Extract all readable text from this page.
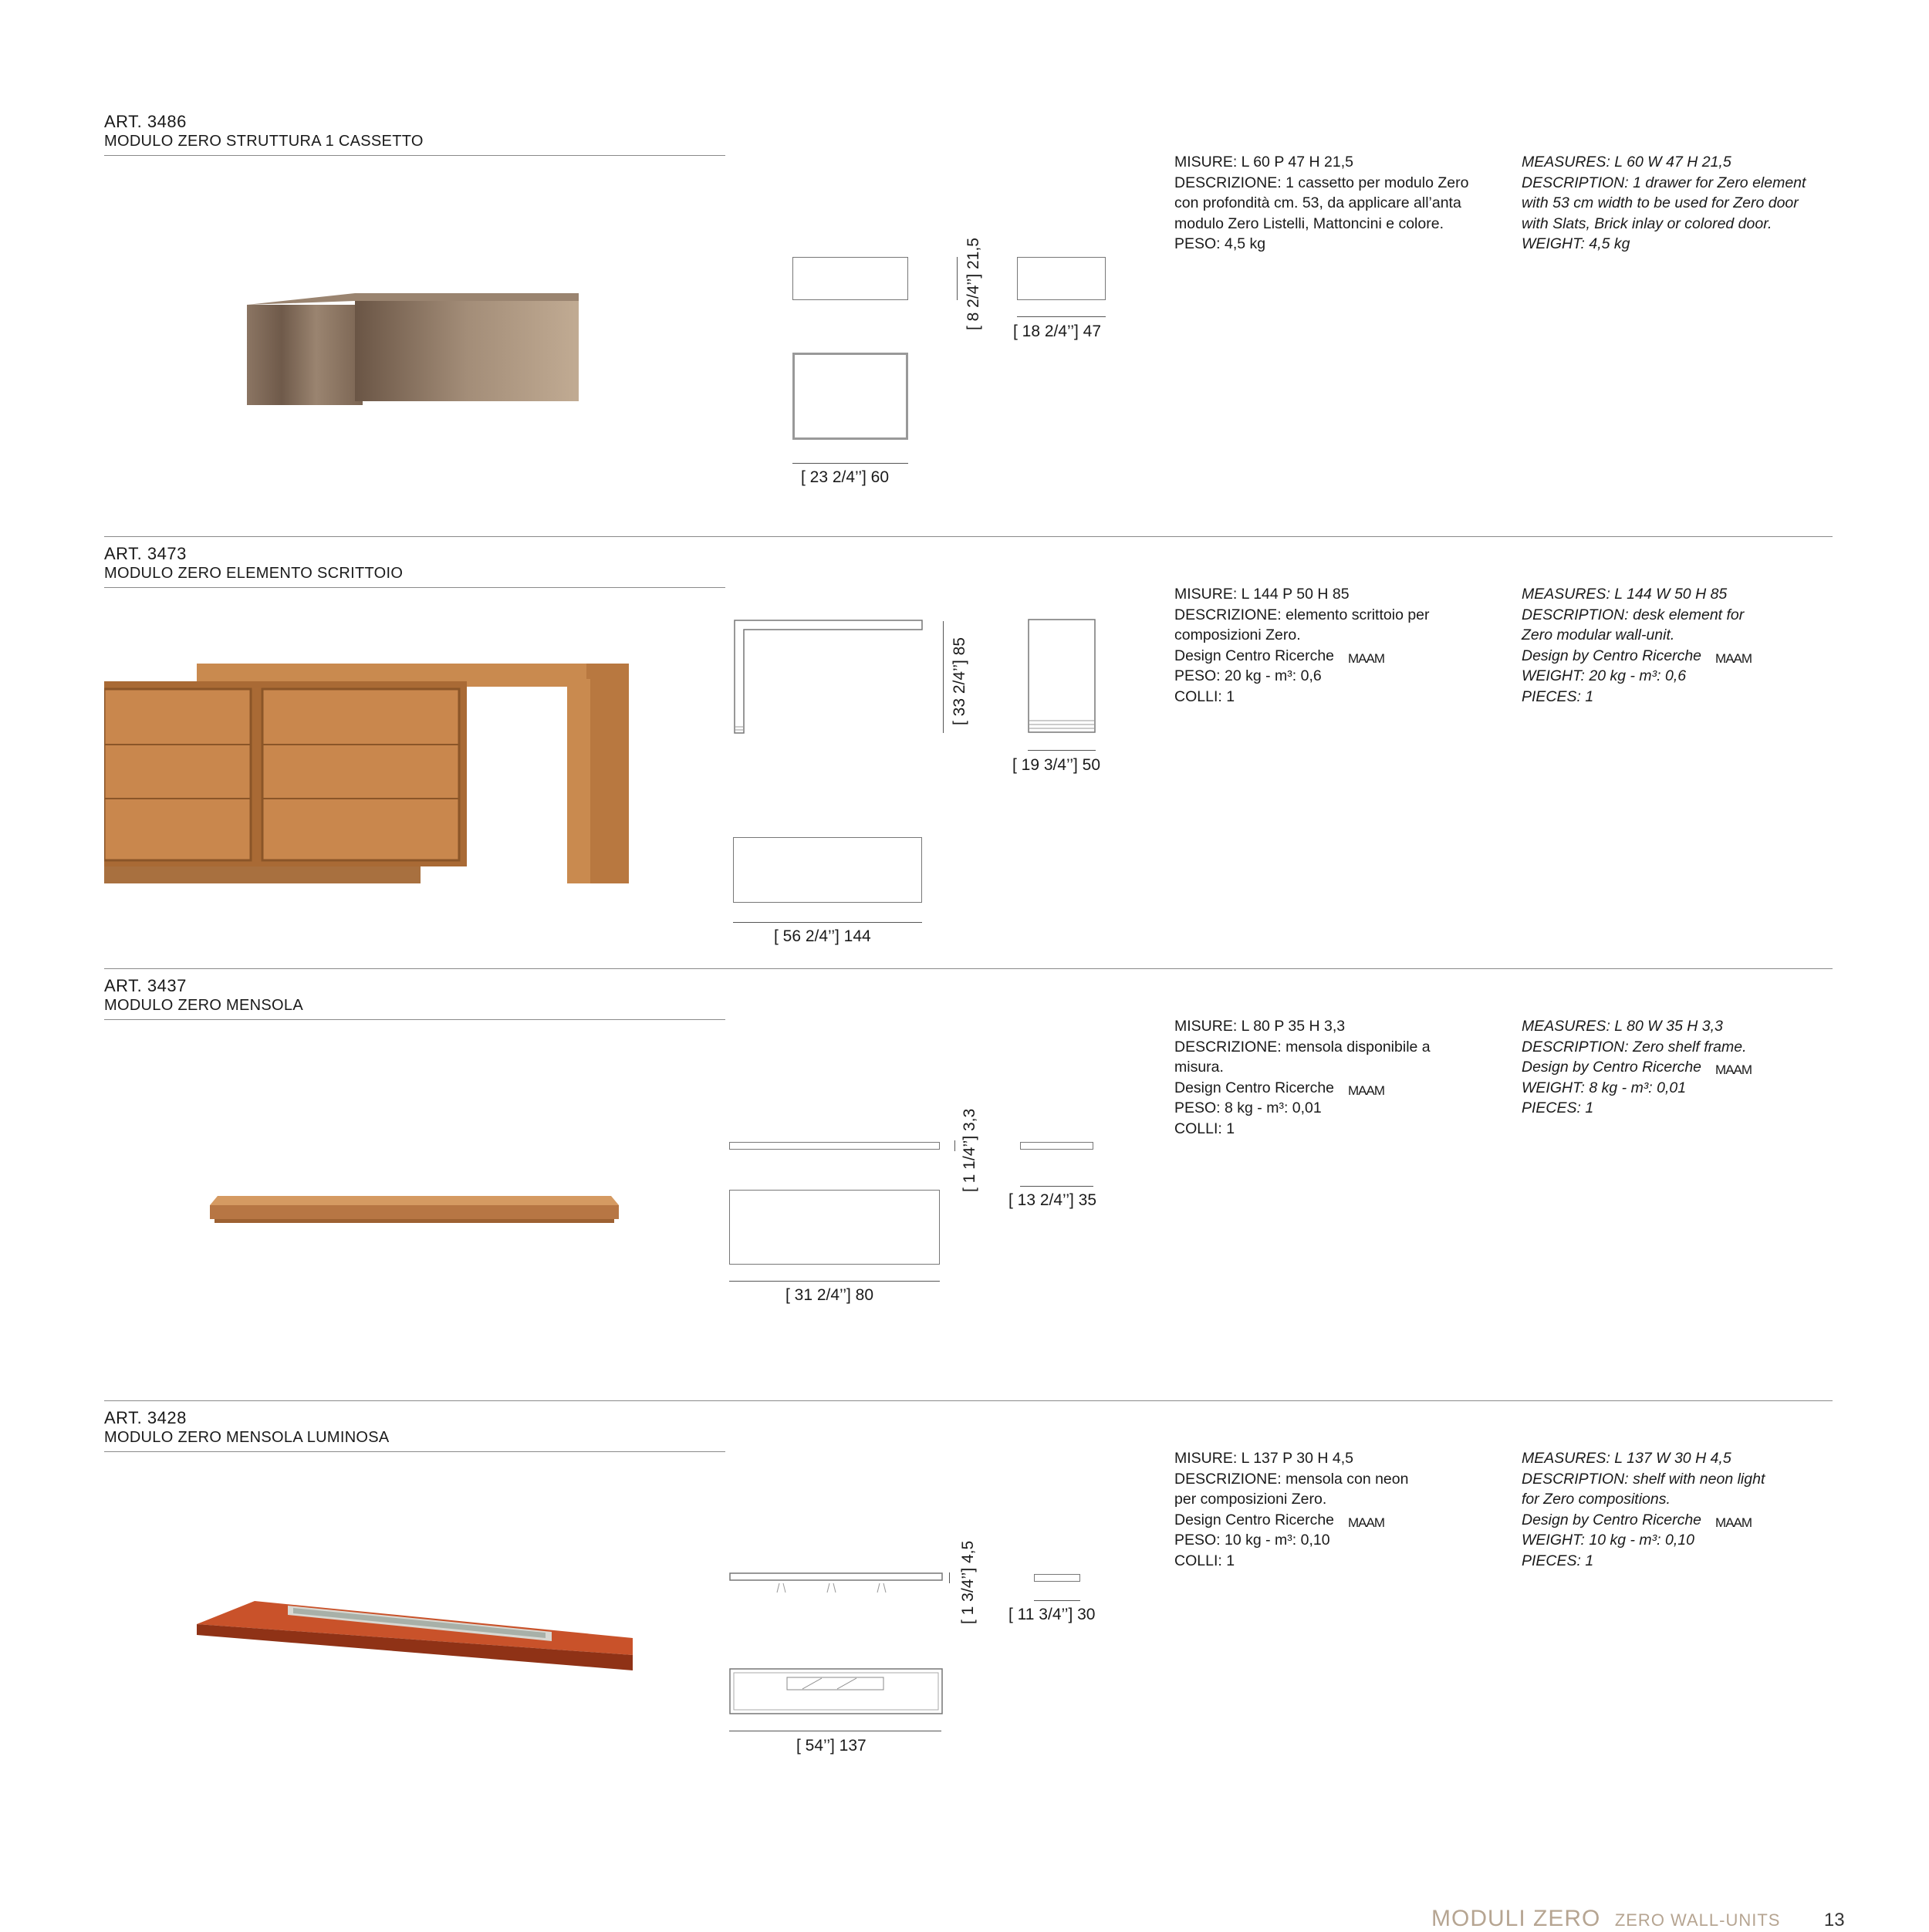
ART. 3486
MODULO ZERO STRUTTURA 1 CASSETTO
[ 8 2/4’’] 21,5
[ 18 2/4’’] 47
[ 23 2/4’’] 60
MISURE: L 60 P 47 H 21,5
DESCRIZIONE: 1 cassetto per modulo Zero
con profondità cm. 53, da applicare all’anta
modulo Zero Listelli, Mattoncini e colore.
PESO: 4,5 kg
MEASURES: L 60 W 47 H 21,5
DESCRIPTION: 1 drawer for Zero element
with 53 cm width to be used for Zero door
with Slats, Brick inlay or colored door.
WEIGHT: 4,5 kg
ART. 3473
MODULO ZERO ELEMENTO SCRITTOIO
[ 33 2/4’’] 85
[ 19 3/4’’] 50
[ 56 2/4’’] 144
MISURE: L 144 P 50 H 85
DESCRIZIONE: elemento scrittoio per
composizioni Zero.
Design Centro Ricerche MAAM
PESO: 20 kg - m³: 0,6
COLLI: 1
MEASURES: L 144 W 50 H 85
DESCRIPTION: desk element for
Zero modular wall-unit.
Design by Centro Ricerche MAAM
WEIGHT: 20 kg - m³: 0,6
PIECES: 1
ART. 3437
MODULO ZERO MENSOLA
[ 1 1/4’’] 3,3
[ 13 2/4’’] 35
[ 31 2/4’’] 80
MISURE: L 80 P 35 H 3,3
DESCRIZIONE: mensola disponibile a
misura.
Design Centro Ricerche MAAM
PESO: 8 kg - m³: 0,01
COLLI: 1
MEASURES: L 80 W 35 H 3,3
DESCRIPTION: Zero shelf frame.
Design by Centro Ricerche MAAM
WEIGHT: 8 kg - m³: 0,01
PIECES: 1
ART. 3428
MODULO ZERO MENSOLA LUMINOSA
[ 1 3/4’’] 4,5 [ 11 3/4’’] 30
[ 54’’] 137
MISURE: L 137 P 30 H 4,5
DESCRIZIONE: mensola con neon
per composizioni Zero.
Design Centro Ricerche MAAM
PESO: 10 kg - m³: 0,10
COLLI: 1
MEASURES: L 137 W 30 H 4,5
DESCRIPTION: shelf with neon light
for Zero compositions.
Design by Centro Ricerche MAAM
WEIGHT: 10 kg - m³: 0,10
PIECES: 1
MODULI ZERO ZERO WALL-UNITS 13
